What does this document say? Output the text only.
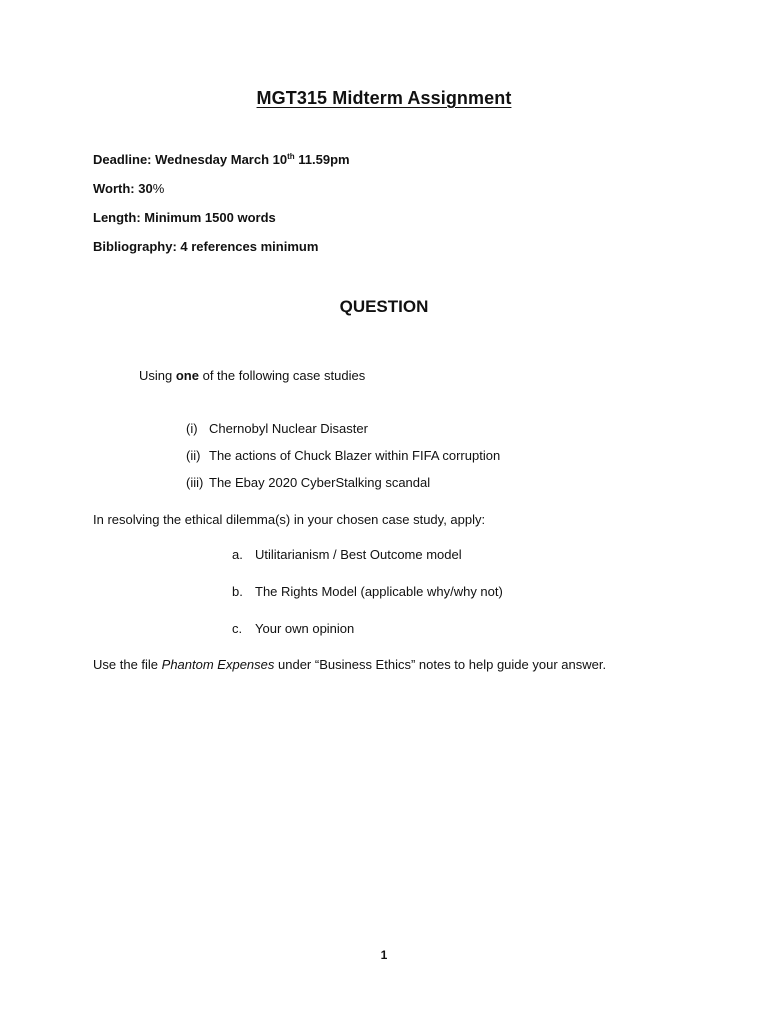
MGT315 Midterm Assignment
Deadline: Wednesday March 10th 11.59pm
Worth: 30%
Length: Minimum 1500 words
Bibliography: 4 references minimum
QUESTION
Using one of the following case studies
(i) Chernobyl Nuclear Disaster
(ii) The actions of Chuck Blazer within FIFA corruption
(iii) The Ebay 2020 CyberStalking scandal
In resolving the ethical dilemma(s) in your chosen case study, apply:
a. Utilitarianism / Best Outcome model
b. The Rights Model (applicable why/why not)
c. Your own opinion
Use the file Phantom Expenses under “Business Ethics” notes to help guide your answer.
1
